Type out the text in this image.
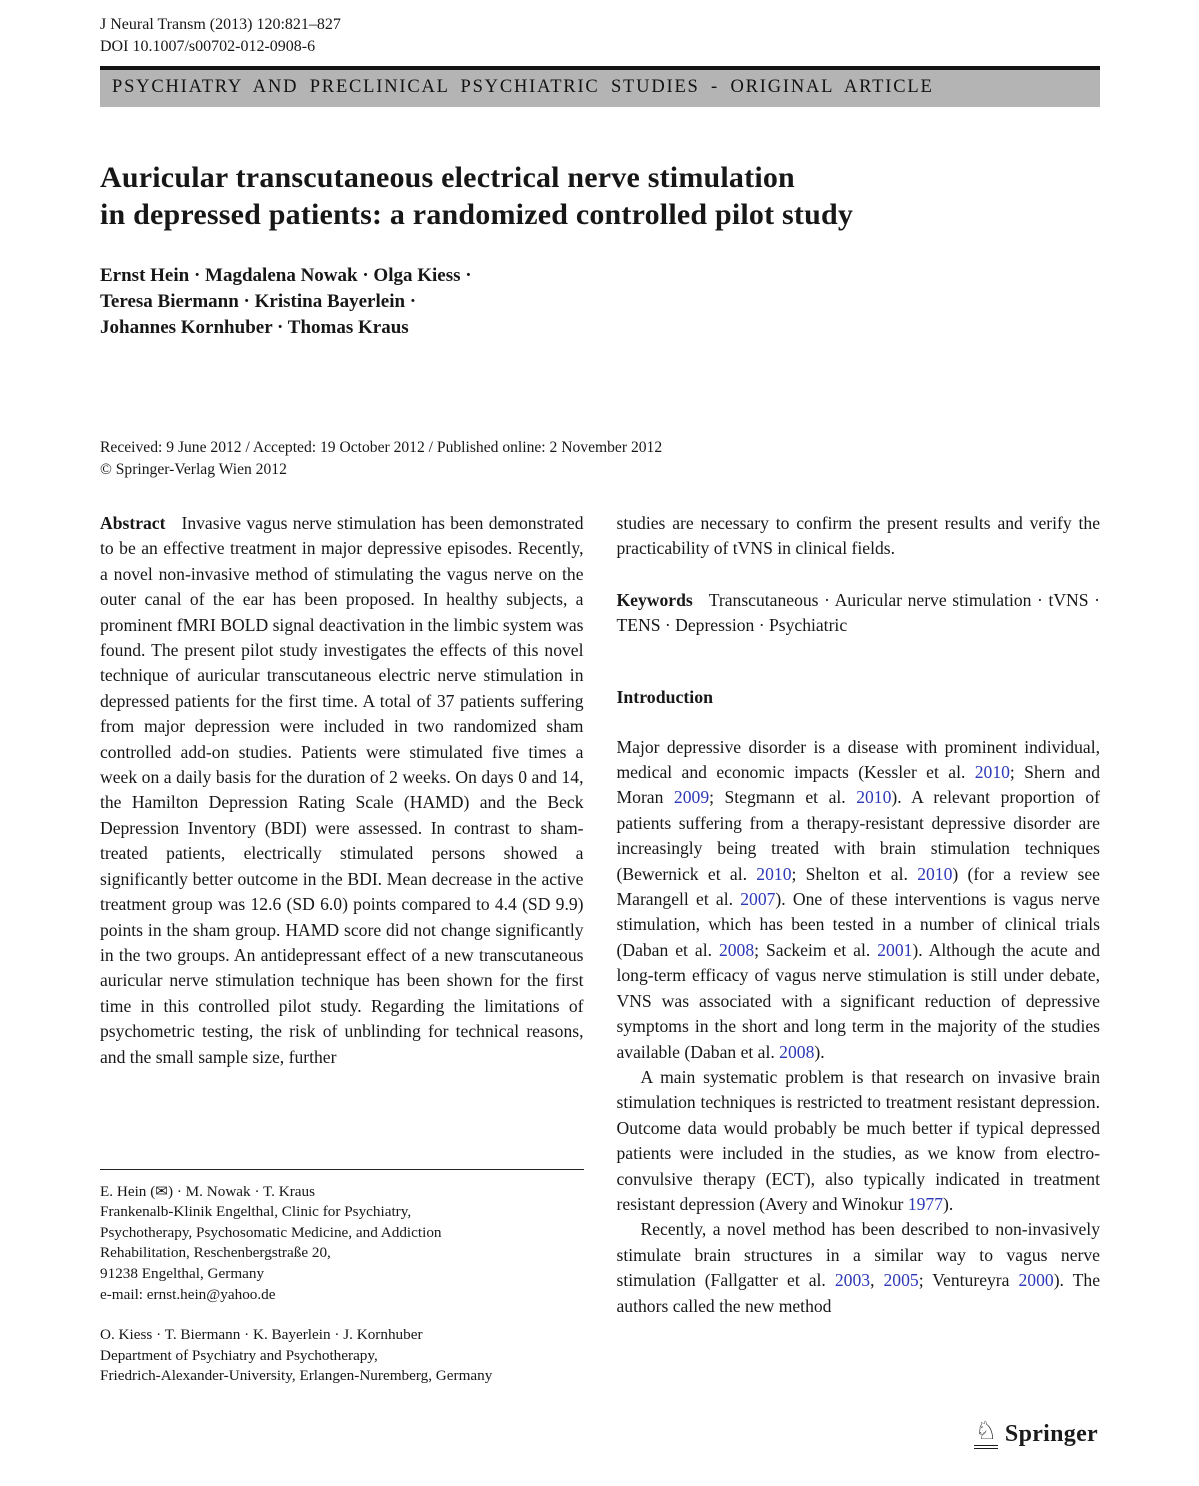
J Neural Transm (2013) 120:821–827
DOI 10.1007/s00702-012-0908-6
PSYCHIATRY AND PRECLINICAL PSYCHIATRIC STUDIES - ORIGINAL ARTICLE
Auricular transcutaneous electrical nerve stimulation
in depressed patients: a randomized controlled pilot study
Ernst Hein · Magdalena Nowak · Olga Kiess ·
Teresa Biermann · Kristina Bayerlein ·
Johannes Kornhuber · Thomas Kraus
Received: 9 June 2012 / Accepted: 19 October 2012 / Published online: 2 November 2012
© Springer-Verlag Wien 2012

Abstract Invasive vagus nerve stimulation has been demonstrated to be an effective treatment in major depressive episodes. Recently, a novel non-invasive method of stimulating the vagus nerve on the outer canal of the ear has been proposed. In healthy subjects, a prominent fMRI BOLD signal deactivation in the limbic system was found. The present pilot study investigates the effects of this novel technique of auricular transcutaneous electric nerve stimulation in depressed patients for the first time. A total of 37 patients suffering from major depression were included in two randomized sham controlled add-on studies. Patients were stimulated five times a week on a daily basis for the duration of 2 weeks. On days 0 and 14, the Hamilton Depression Rating Scale (HAMD) and the Beck Depression Inventory (BDI) were assessed. In contrast to sham-treated patients, electrically stimulated persons showed a significantly better outcome in the BDI. Mean decrease in the active treatment group was 12.6 (SD 6.0) points compared to 4.4 (SD 9.9) points in the sham group. HAMD score did not change significantly in the two groups. An antidepressant effect of a new transcutaneous auricular nerve stimulation technique has been shown for the first time in this controlled pilot study. Regarding the limitations of psychometric testing, the risk of unblinding for technical reasons, and the small sample size, further

E. Hein (✉) · M. Nowak · T. Kraus
Frankenalb-Klinik Engelthal, Clinic for Psychiatry,
Psychotherapy, Psychosomatic Medicine, and Addiction
Rehabilitation, Reschenbergstraße 20,
91238 Engelthal, Germany
e-mail: ernst.hein@yahoo.de
O. Kiess · T. Biermann · K. Bayerlein · J. Kornhuber
Department of Psychiatry and Psychotherapy,
Friedrich-Alexander-University, Erlangen-Nuremberg, Germany

studies are necessary to confirm the present results and verify the practicability of tVNS in clinical fields.

Keywords Transcutaneous · Auricular nerve stimulation · tVNS · TENS · Depression · Psychiatric

Introduction

Major depressive disorder is a disease with prominent individual, medical and economic impacts (Kessler et al. 2010; Shern and Moran 2009; Stegmann et al. 2010). A relevant proportion of patients suffering from a therapy-resistant depressive disorder are increasingly being treated with brain stimulation techniques (Bewernick et al. 2010; Shelton et al. 2010) (for a review see Marangell et al. 2007). One of these interventions is vagus nerve stimulation, which has been tested in a number of clinical trials (Daban et al. 2008; Sackeim et al. 2001). Although the acute and long-term efficacy of vagus nerve stimulation is still under debate, VNS was associated with a significant reduction of depressive symptoms in the short and long term in the majority of the studies available (Daban et al. 2008).

A main systematic problem is that research on invasive brain stimulation techniques is restricted to treatment resistant depression. Outcome data would probably be much better if typical depressed patients were included in the studies, as we know from electro-convulsive therapy (ECT), also typically indicated in treatment resistant depression (Avery and Winokur 1977).

Recently, a novel method has been described to non-invasively stimulate brain structures in a similar way to vagus nerve stimulation (Fallgatter et al. 2003, 2005; Ventureyra 2000). The authors called the new method

♘ Springer
